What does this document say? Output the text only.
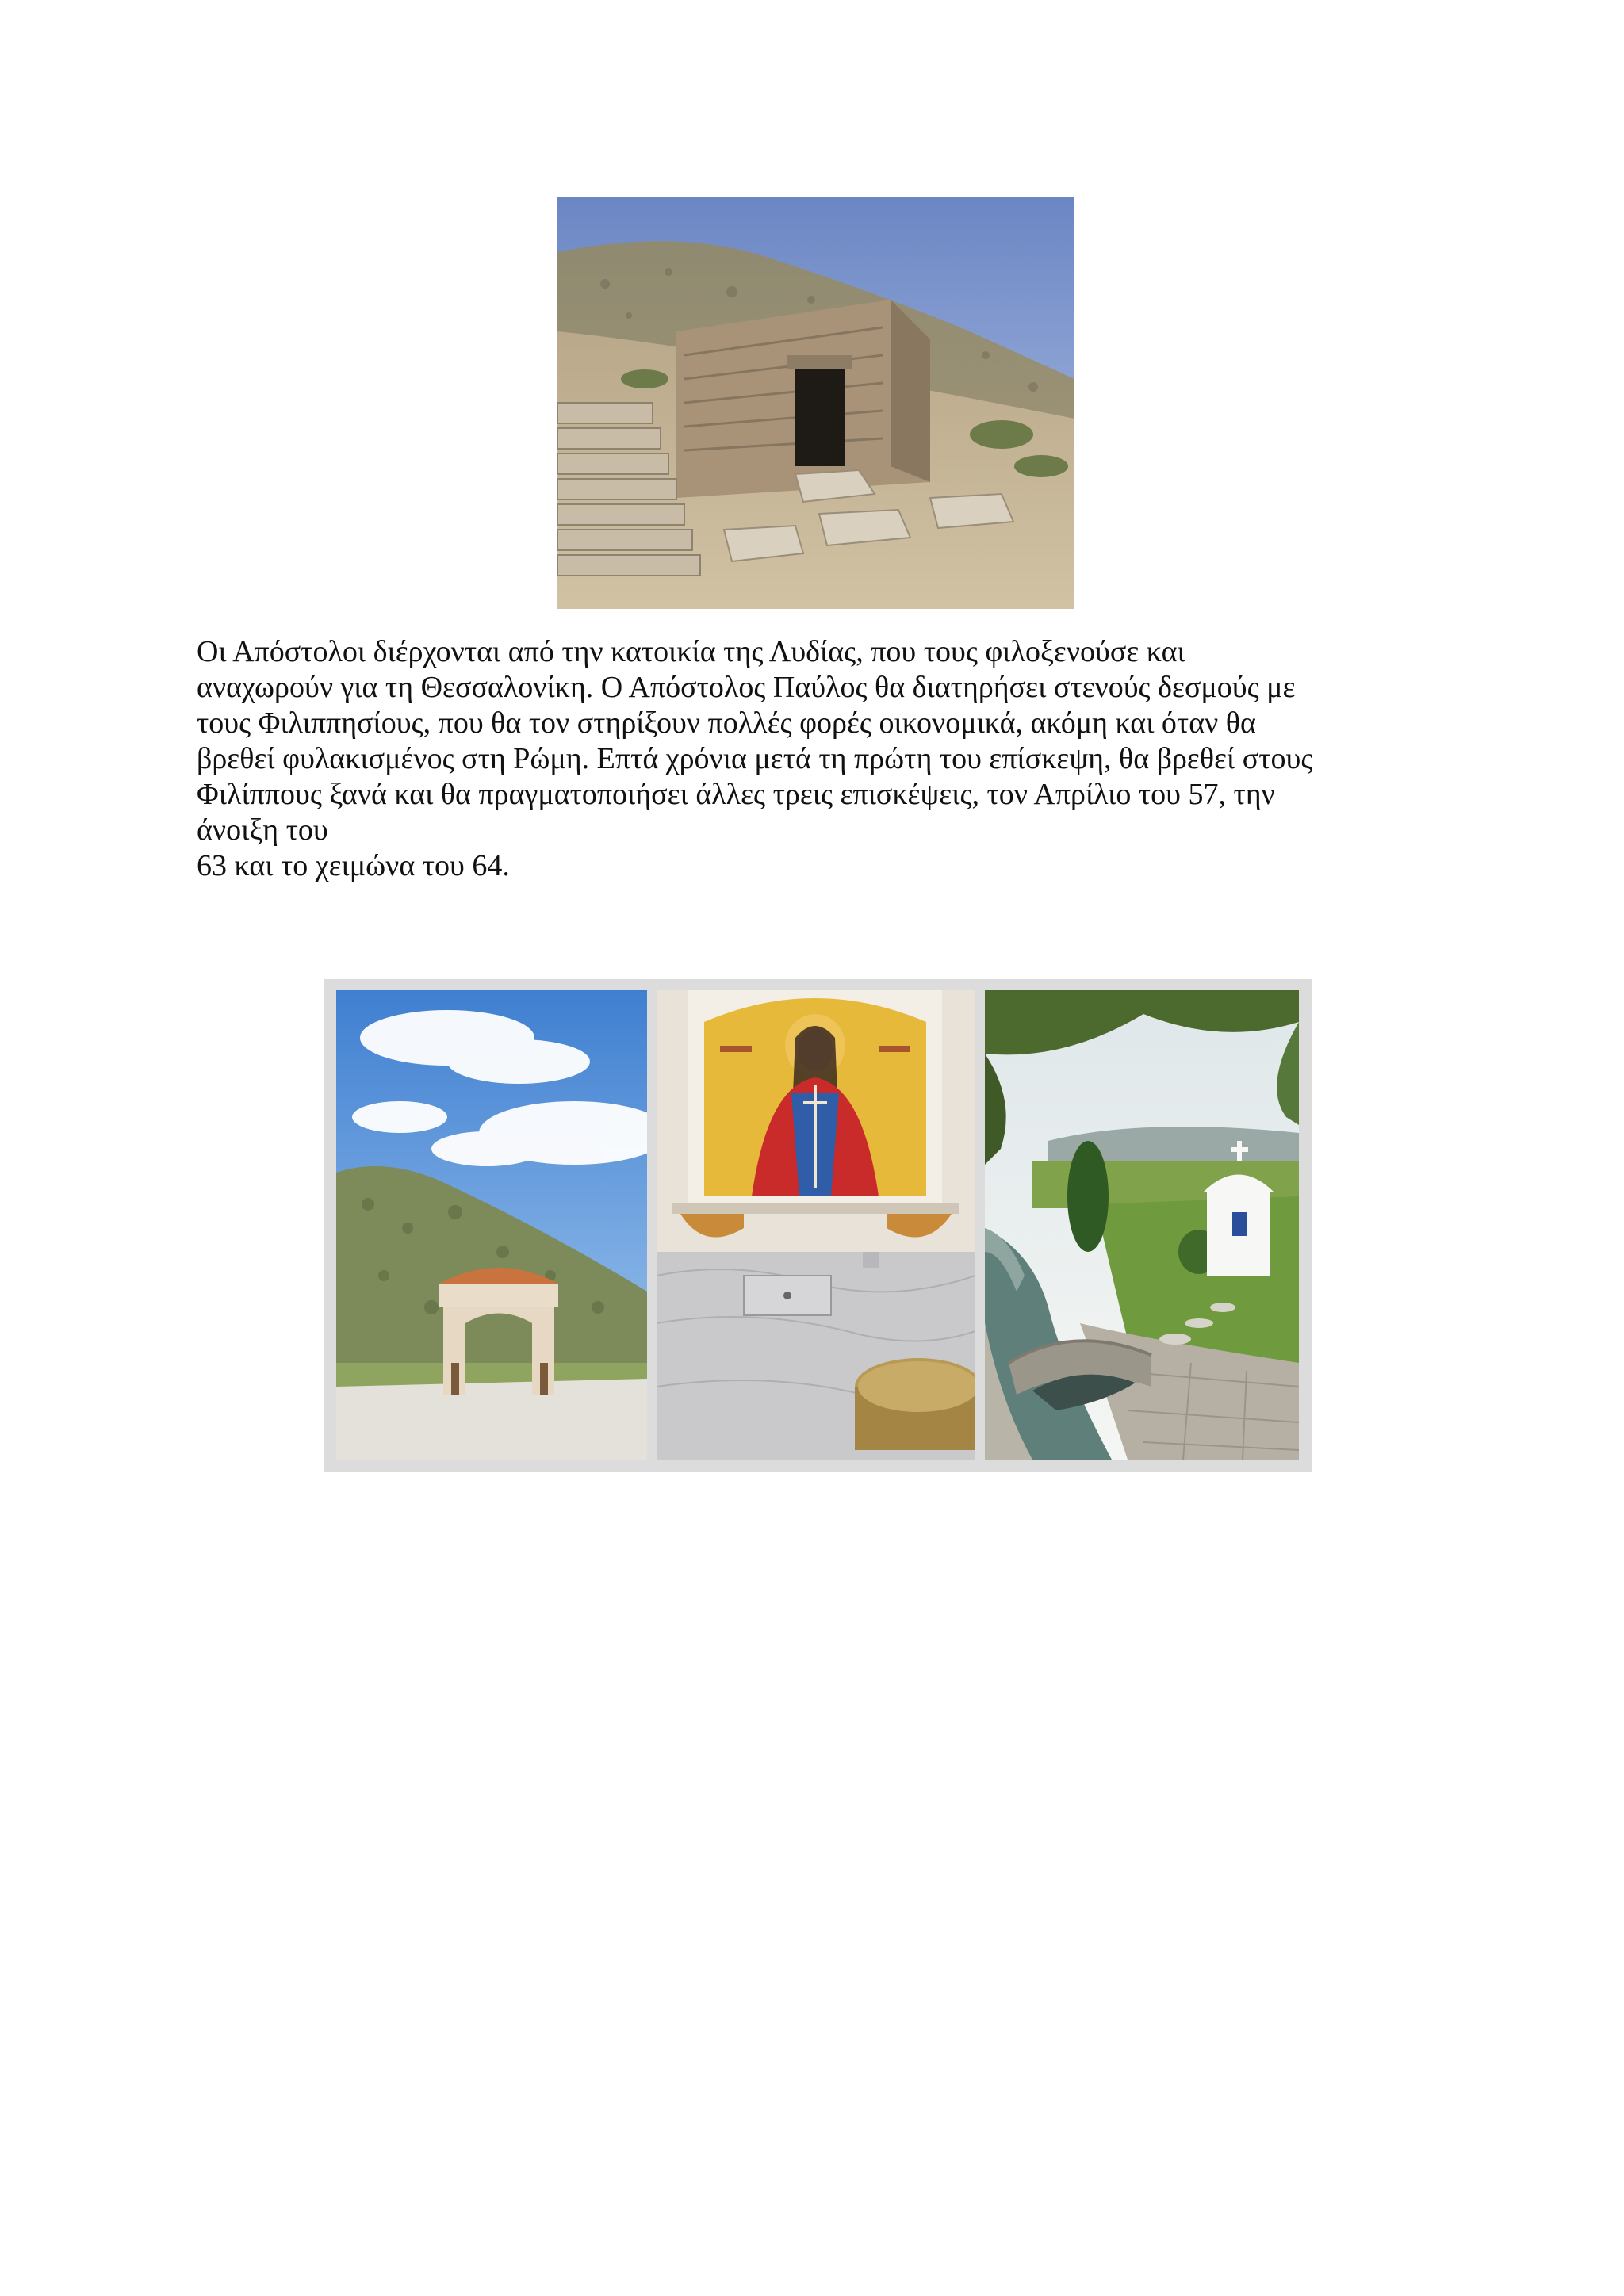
Οι Απόστολοι διέρχονται από την κατοικία της Λυδίας, που τους φιλοξενούσε και
αναχωρούν για τη Θεσσαλονίκη. Ο Απόστολος Παύλος θα διατηρήσει στενούς δεσμούς με
τους Φιλιππησίους, που θα τον στηρίξουν πολλές φορές οικονομικά, ακόμη και όταν θα
βρεθεί φυλακισμένος στη Ρώμη. Επτά χρόνια μετά τη πρώτη του επίσκεψη, θα βρεθεί στους
Φιλίππους ξανά και θα πραγματοποιήσει άλλες τρεις επισκέψεις, τον Απρίλιο του 57, την
άνοιξη του
63 και το χειμώνα του 64.
